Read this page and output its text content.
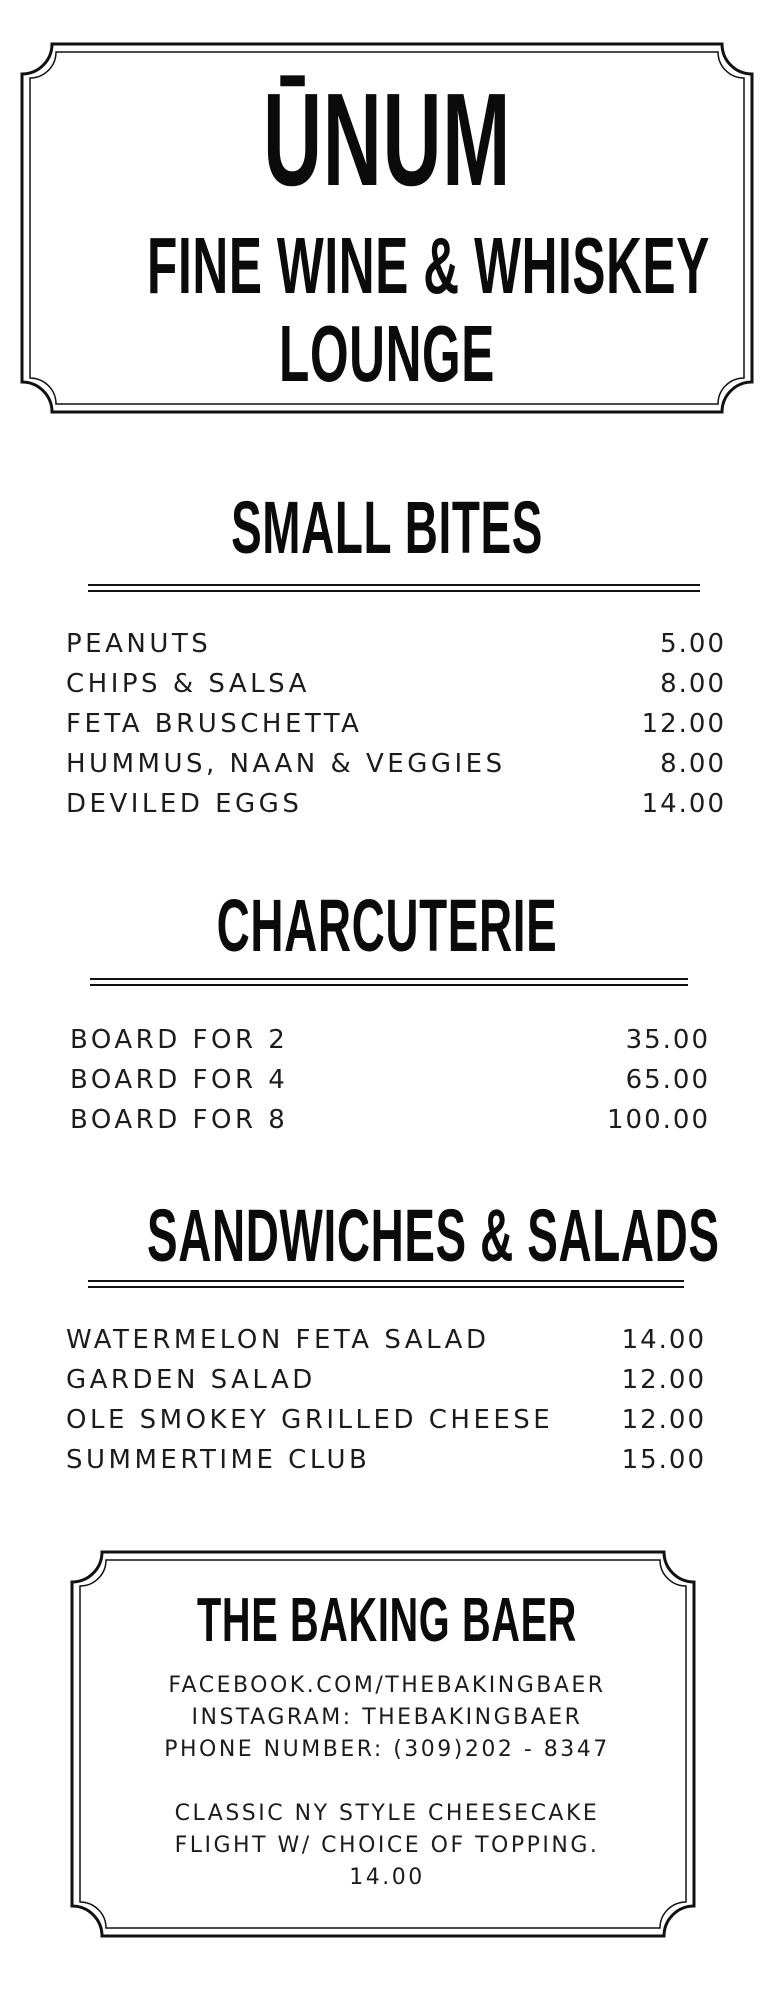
ŪNUM
FINE WINE & WHISKEY
LOUNGE
SMALL BITES
PEANUTS	5.00
CHIPS & SALSA	8.00
FETA BRUSCHETTA	12.00
HUMMUS, NAAN & VEGGIES	8.00
DEVILED EGGS	14.00
CHARCUTERIE
BOARD FOR 2	35.00
BOARD FOR 4	65.00
BOARD FOR 8	100.00
SANDWICHES & SALADS
WATERMELON FETA SALAD	14.00
GARDEN SALAD	12.00
OLE SMOKEY GRILLED CHEESE	12.00
SUMMERTIME CLUB	15.00
THE BAKING BAER
FACEBOOK.COM/THEBAKINGBAER
INSTAGRAM: THEBAKINGBAER
PHONE NUMBER: (309)202 - 8347
CLASSIC NY STYLE CHEESECAKE
FLIGHT W/ CHOICE OF TOPPING.
14.00
